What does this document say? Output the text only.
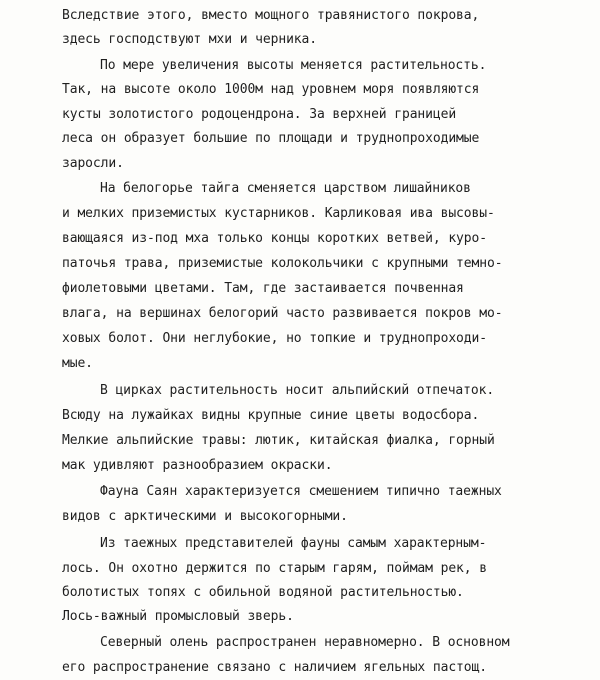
Вследствие этого, вместо мощного травянистого покрова,
здесь господствуют мхи и черника.
По мере увеличения высоты меняется растительность.
Так, на высоте около 1000м над уровнем моря появляются
кусты золотистого родоцендрона. За верхней границей
леса он образует большие по площади и труднопроходимые
заросли.
На белогорье тайга сменяется царством лишайников
и мелких приземистых кустарников. Карликовая ива высовы-
вающаяся из-под мха только концы коротких ветвей, куро-
паточья трава, приземистые колокольчики с крупными темно-
фиолетовыми цветами. Там, где застаивается почвенная
влага, на вершинах белогорий часто развивается покров мо-
ховых болот. Они неглубокие, но топкие и труднопроходи-
мые.
В цирках растительность носит альпийский отпечаток.
Всюду на лужайках видны крупные синие цветы водосбора.
Мелкие альпийские травы: лютик, китайская фиалка, горный
мак удивляют разнообразием окраски.
Фауна Саян характеризуется смешением типично таежных
видов с арктическими и высокогорными.
Из таежных представителей фауны самым характерным-
лось. Он охотно держится по старым гарям, поймам рек, в
болотистых топях с обильной водяной растительностью.
Лось-важный промысловый зверь.
Северный олень распространен неравномерно. В основном
его распространение связано с наличием ягельных пастощ.
